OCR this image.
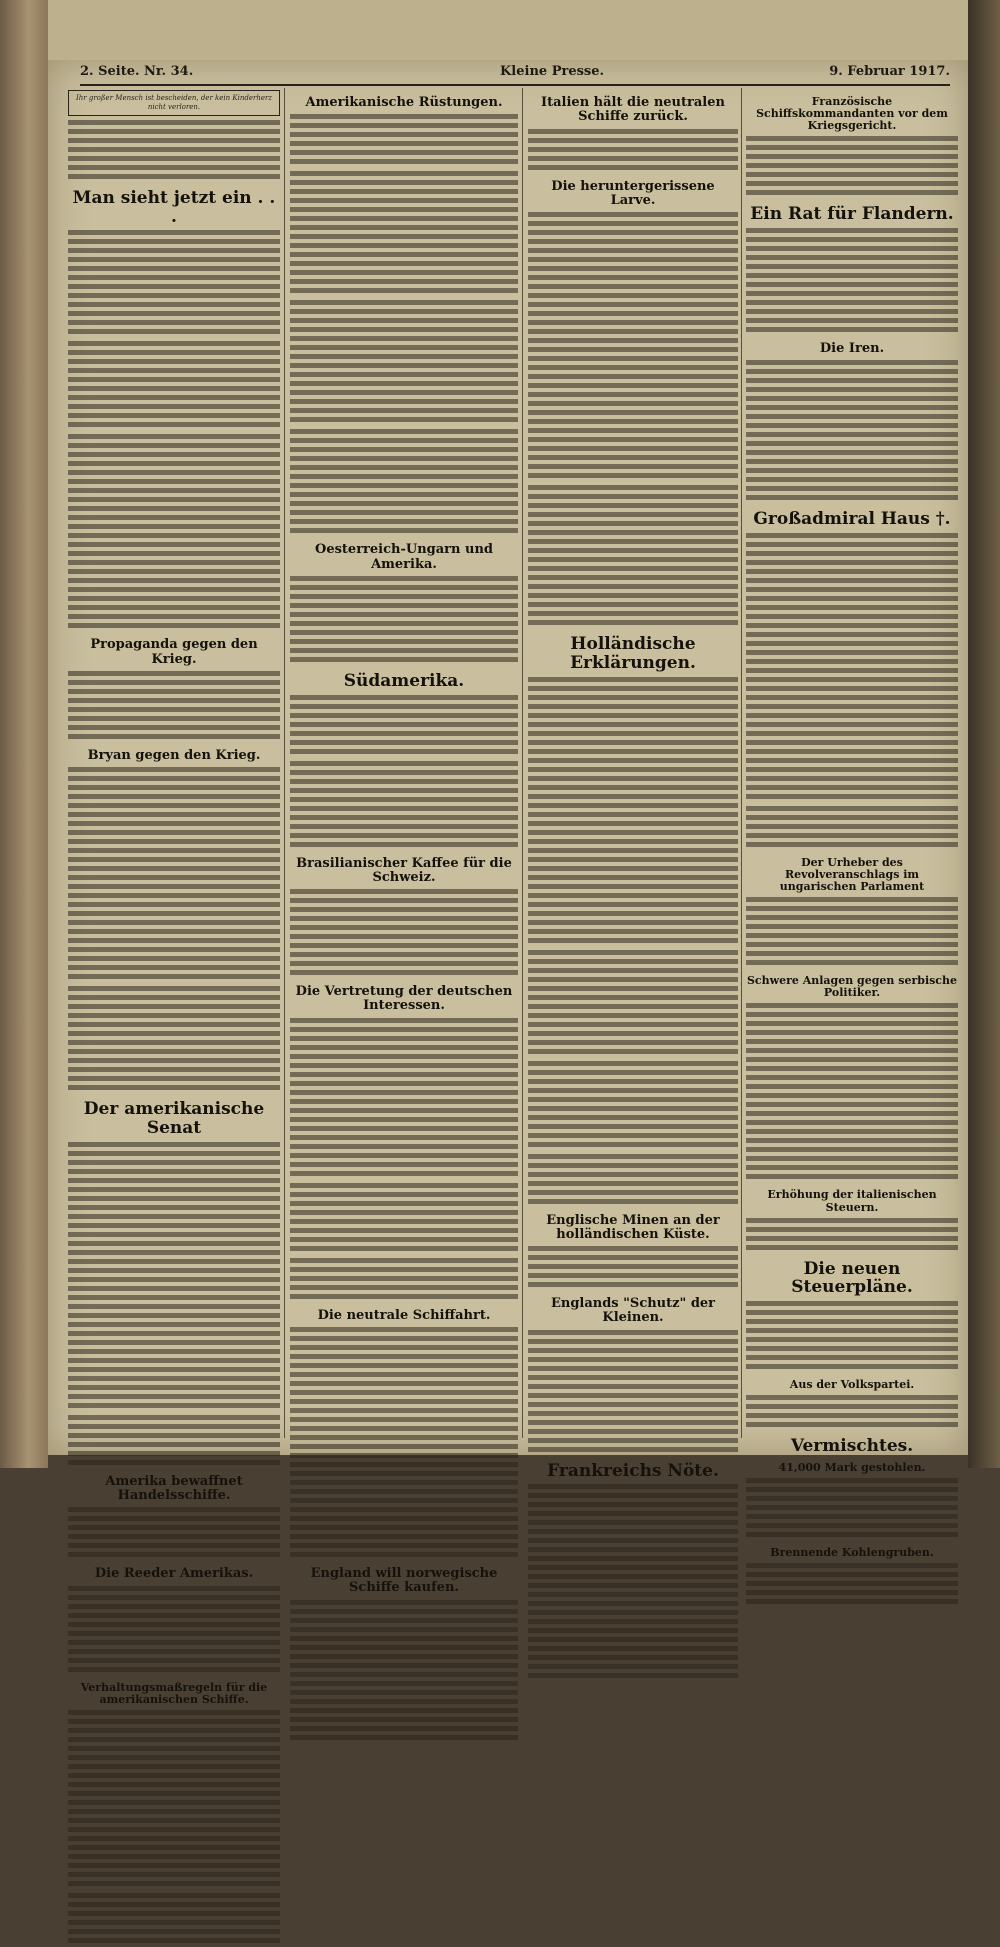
2. Seite. Nr. 34.	Kleine Presse.	9. Februar 1917.
Ihr großer Mensch ist bescheiden, der kein Kinderherz nicht verloren.
Man sieht jetzt ein . . .
Propaganda gegen den Krieg.
Bryan gegen den Krieg.
Der amerikanische Senat
Amerika bewaffnet Handelsschiffe.
Die Reeder Amerikas.
Verhaltungsmaßregeln für die amerikanischen Schiffe.
Amerikanische Rüstungen.
Oesterreich-Ungarn und Amerika.
Südamerika.
Brasilianischer Kaffee für die Schweiz.
Die Vertretung der deutschen Interessen.
Die neutrale Schiffahrt.
England will norwegische Schiffe kaufen.
Italien hält die neutralen Schiffe zurück.
Die heruntergerissene Larve.
Holländische Erklärungen.
Englische Minen an der holländischen Küste.
Englands "Schutz" der Kleinen.
Frankreichs Nöte.
Französische Schiffskommandanten vor dem Kriegsgericht.
Ein Rat für Flandern.
Die Iren.
Großadmiral Haus †.
Der Urheber des Revolveranschlags im ungarischen Parlament
Schwere Anlagen gegen serbische Politiker.
Erhöhung der italienischen Steuern.
Die neuen Steuerpläne.
Aus der Volkspartei.
Vermischtes.
41,000 Mark gestohlen.
Brennende Kohlengruben.
